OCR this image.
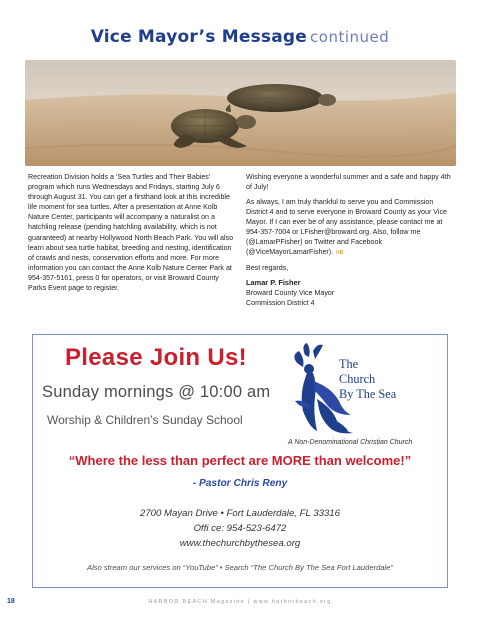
Vice Mayor’s Message continued

Recreation Division holds a ‘Sea Turtles and Their Babies’ program which runs Wednesdays and Fridays, starting July 6 through August 31. You can get a firsthand look at this incredible life moment for sea turtles. After a presentation at Anne Kolb Nature Center, participants will accompany a naturalist on a hatchling release (pending hatchling availability, which is not guaranteed) at nearby Hollywood North Beach Park. You will also learn about sea turtle habitat, breeding and nesting, identification of crawls and nests, conservation efforts and more. For more information you can contact the Anne Kolb Nature Center Park at 954-357-5161, press 0 for operators, or visit Broward County Parks Event page to register.

Wishing everyone a wonderful summer and a safe and happy 4th of July!

As always, I am truly thankful to serve you and Commission District 4 and to serve everyone in Broward County as your Vice Mayor. If I can ever be of any assistance, please contact me at 954-357-7004 or LFisher@broward.org. Also, follow me (@LamarPFisher) on Twitter and Facebook (@ViceMayorLamarFisher). HB

Best regards,

Lamar P. Fisher
Broward County Vice Mayor
Commission District 4
Please Join Us!
Sunday mornings @ 10:00 am
Worship & Children’s Sunday School
The
Church
By The Sea
A Non-Denominational Christian Church
“Where the less than perfect are MORE than welcome!”
- Pastor Chris Reny
2700 Mayan Drive • Fort Lauderdale, FL 33316
Offi ce: 954-523-6472
www.thechurchbythesea.org
Also stream our services on “YouTube” • Search “The Church By The Sea Fort Lauderdale”
18	HARBOR BEACH Magazine | www.harborbeach.org
